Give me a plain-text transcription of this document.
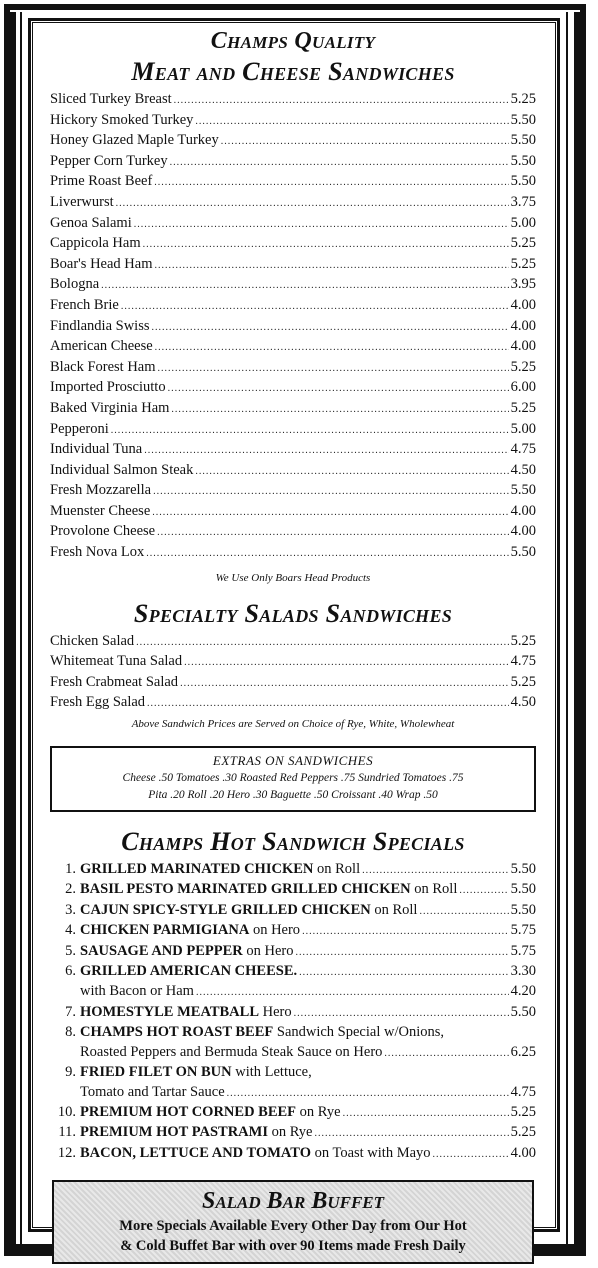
Champs Quality
Meat and Cheese Sandwiches
Sliced Turkey Breast .....	5.25
Hickory Smoked Turkey .....	5.50
Honey Glazed Maple Turkey .....	5.50
Pepper Corn Turkey .....	5.50
Prime Roast Beef .....	5.50
Liverwurst .....	3.75
Genoa Salami .....	5.00
Cappicola Ham .....	5.25
Boar's Head Ham .....	5.25
Bologna .....	3.95
French Brie .....	4.00
Findlandia Swiss .....	4.00
American Cheese .....	4.00
Black Forest Ham .....	5.25
Imported Prosciutto .....	6.00
Baked Virginia Ham .....	5.25
Pepperoni .....	5.00
Individual Tuna .....	4.75
Individual Salmon Steak .....	4.50
Fresh Mozzarella .....	5.50
Muenster Cheese .....	4.00
Provolone Cheese .....	4.00
Fresh Nova Lox .....	5.50

We Use Only Boars Head Products

Specialty Salads Sandwiches
Chicken Salad .....	5.25
Whitemeat Tuna Salad .....	4.75
Fresh Crabmeat Salad .....	5.25
Fresh Egg Salad .....	4.50

Above Sandwich Prices are Served on Choice of Rye, White, Wholewheat

EXTRAS ON SANDWICHES
Cheese .50 Tomatoes .30 Roasted Red Peppers .75 Sundried Tomatoes .75
Pita .20 Roll .20 Hero .30 Baguette .50 Croissant .40 Wrap .50
Champs Hot Sandwich Specials
1. GRILLED MARINATED CHICKEN on Roll .....	5.50
2. BASIL PESTO MARINATED GRILLED CHICKEN on Roll .....	5.50
3. CAJUN SPICY-STYLE GRILLED CHICKEN on Roll .....	5.50
4. CHICKEN PARMIGIANA on Hero .....	5.75
5. SAUSAGE AND PEPPER on Hero .....	5.75
6. GRILLED AMERICAN CHEESE. .....	3.30
with Bacon or Ham .....	4.20
7. HOMESTYLE MEATBALL Hero .....	5.50
8. CHAMPS HOT ROAST BEEF Sandwich Special w/Onions,
Roasted Peppers and Bermuda Steak Sauce on Hero .....	6.25
9. FRIED FILET ON BUN with Lettuce,
Tomato and Tartar Sauce .....	4.75
10. PREMIUM HOT CORNED BEEF on Rye .....	5.25
11. PREMIUM HOT PASTRAMI on Rye .....	5.25
12. BACON, LETTUCE AND TOMATO on Toast with Mayo .....	4.00
Salad Bar Buffet
More Specials Available Every Other Day from Our Hot
& Cold Buffet Bar with over 90 Items made Fresh Daily
